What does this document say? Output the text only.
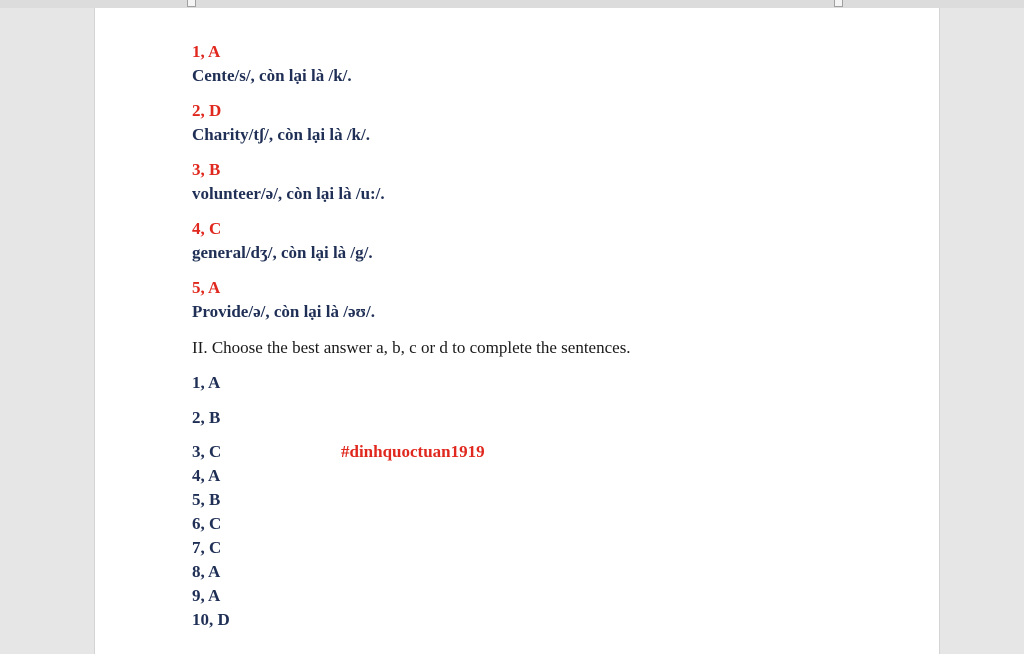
1, A
Cente/s/, còn lại là /k/.
2, D
Charity/tʃ/, còn lại là /k/.
3, B
volunteer/ə/, còn lại là /u:/.
4, C
general/dʒ/, còn lại là /g/.
5, A
Provide/ə/, còn lại là /əʊ/.
II. Choose the best answer a, b, c or d to complete the sentences.
1, A
2, B
3, C
4, A
5, B
6, C
7, C
8, A
9, A
10, D
#dinhquoctuan1919
